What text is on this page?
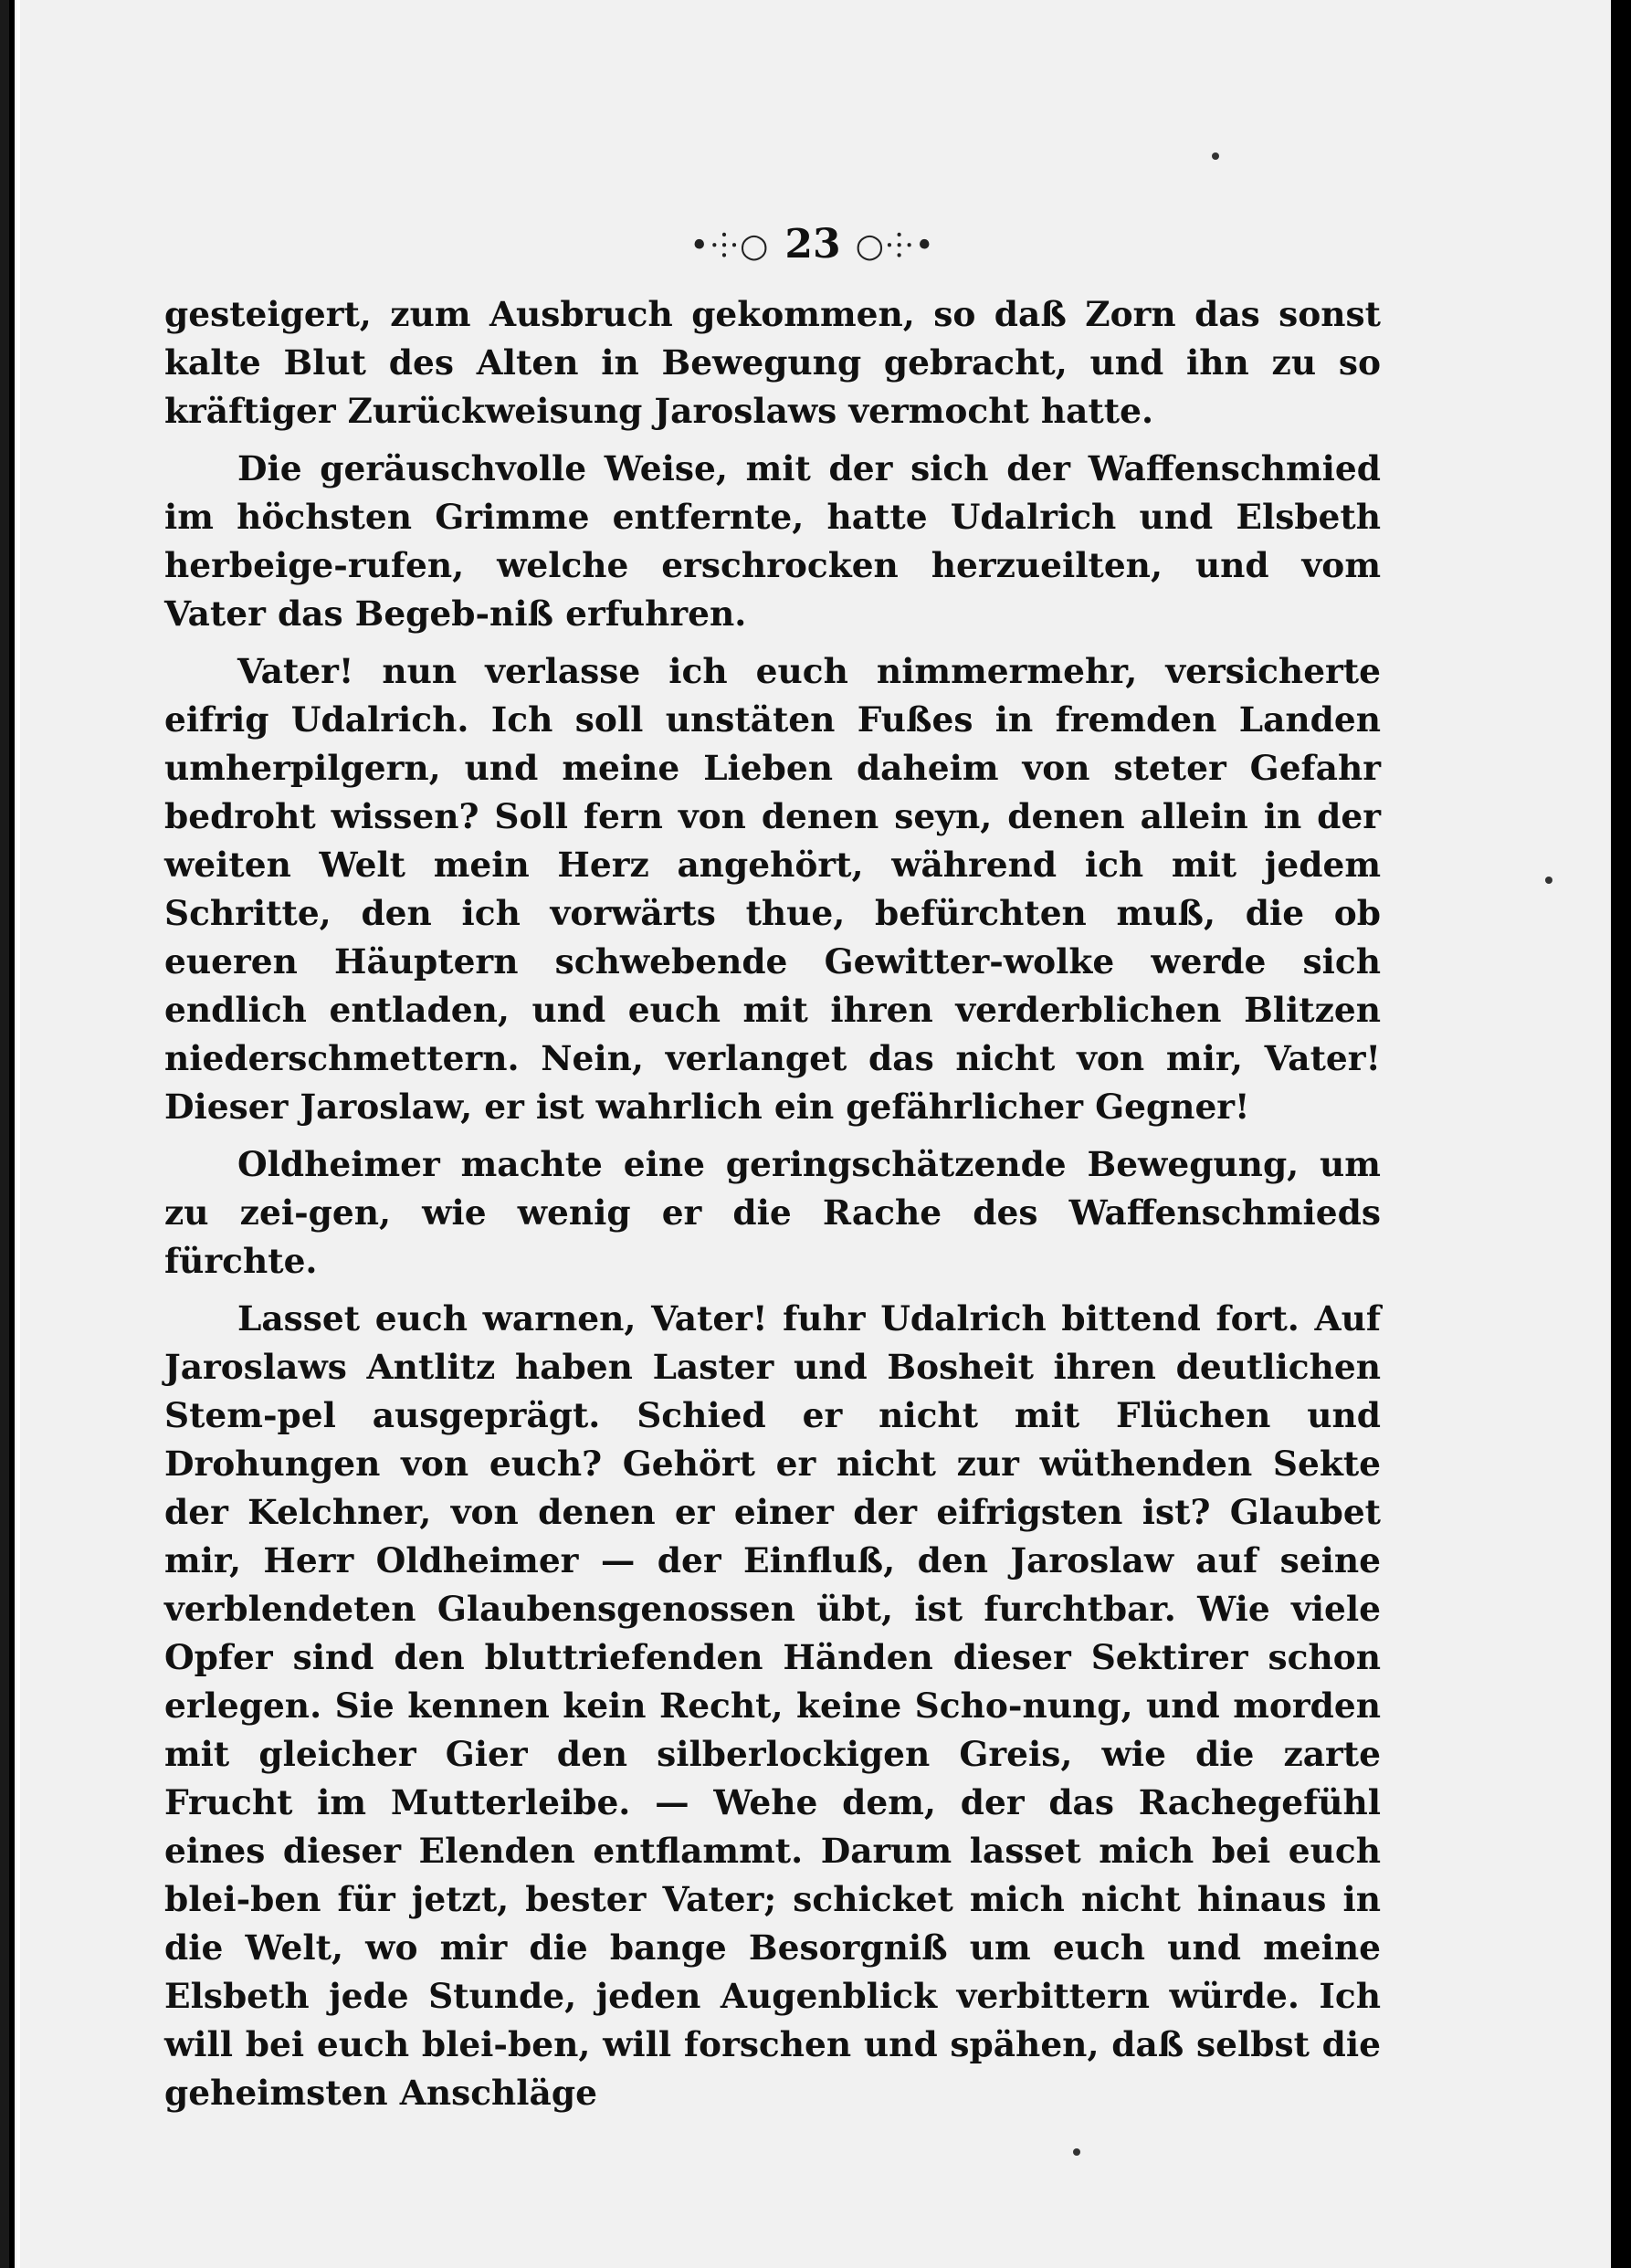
•⸭○ 23 ○⸭•

gesteigert, zum Ausbruch gekommen, so daß Zorn das sonst kalte Blut des Alten in Bewegung gebracht, und ihn zu so kräftiger Zurückweisung Jaroslaws vermocht hatte.

Die geräuschvolle Weise, mit der sich der Waffenschmied im höchsten Grimme entfernte, hatte Udalrich und Elsbeth herbeige-rufen, welche erschrocken herzueilten, und vom Vater das Begeb-niß erfuhren.

Vater! nun verlasse ich euch nimmermehr, versicherte eifrig Udalrich. Ich soll unstäten Fußes in fremden Landen umherpilgern, und meine Lieben daheim von steter Gefahr bedroht wissen? Soll fern von denen seyn, denen allein in der weiten Welt mein Herz angehört, während ich mit jedem Schritte, den ich vorwärts thue, befürchten muß, die ob eueren Häuptern schwebende Gewitter-wolke werde sich endlich entladen, und euch mit ihren verderblichen Blitzen niederschmettern. Nein, verlanget das nicht von mir, Vater! Dieser Jaroslaw, er ist wahrlich ein gefährlicher Gegner!

Oldheimer machte eine geringschätzende Bewegung, um zu zei-gen, wie wenig er die Rache des Waffenschmieds fürchte.

Lasset euch warnen, Vater! fuhr Udalrich bittend fort. Auf Jaroslaws Antlitz haben Laster und Bosheit ihren deutlichen Stem-pel ausgeprägt. Schied er nicht mit Flüchen und Drohungen von euch? Gehört er nicht zur wüthenden Sekte der Kelchner, von denen er einer der eifrigsten ist? Glaubet mir, Herr Oldheimer — der Einfluß, den Jaroslaw auf seine verblendeten Glaubensgenossen übt, ist furchtbar. Wie viele Opfer sind den bluttriefenden Händen dieser Sektirer schon erlegen. Sie kennen kein Recht, keine Scho-nung, und morden mit gleicher Gier den silberlockigen Greis, wie die zarte Frucht im Mutterleibe. — Wehe dem, der das Rachegefühl eines dieser Elenden entflammt. Darum lasset mich bei euch blei-ben für jetzt, bester Vater; schicket mich nicht hinaus in die Welt, wo mir die bange Besorgniß um euch und meine Elsbeth jede Stunde, jeden Augenblick verbittern würde. Ich will bei euch blei-ben, will forschen und spähen, daß selbst die geheimsten Anschläge
